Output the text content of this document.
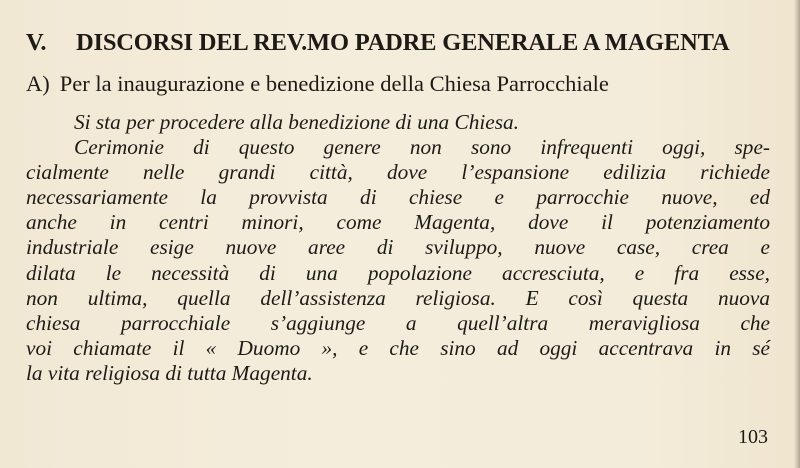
V. DISCORSI DEL REV.MO PADRE GENERALE A MAGENTA
A) Per la inaugurazione e benedizione della Chiesa Parrocchiale
Si sta per procedere alla benedizione di una Chiesa.
Cerimonie di questo genere non sono infrequenti oggi, spe-
cialmente nelle grandi città, dove l’espansione edilizia richiede
necessariamente la provvista di chiese e parrocchie nuove, ed
anche in centri minori, come Magenta, dove il potenziamento
industriale esige nuove aree di sviluppo, nuove case, crea e
dilata le necessità di una popolazione accresciuta, e fra esse,
non ultima, quella dell’assistenza religiosa. E così questa nuova
chiesa parrocchiale s’aggiunge a quell’altra meravigliosa che
voi chiamate il « Duomo », e che sino ad oggi accentrava in sé
la vita religiosa di tutta Magenta.
103
